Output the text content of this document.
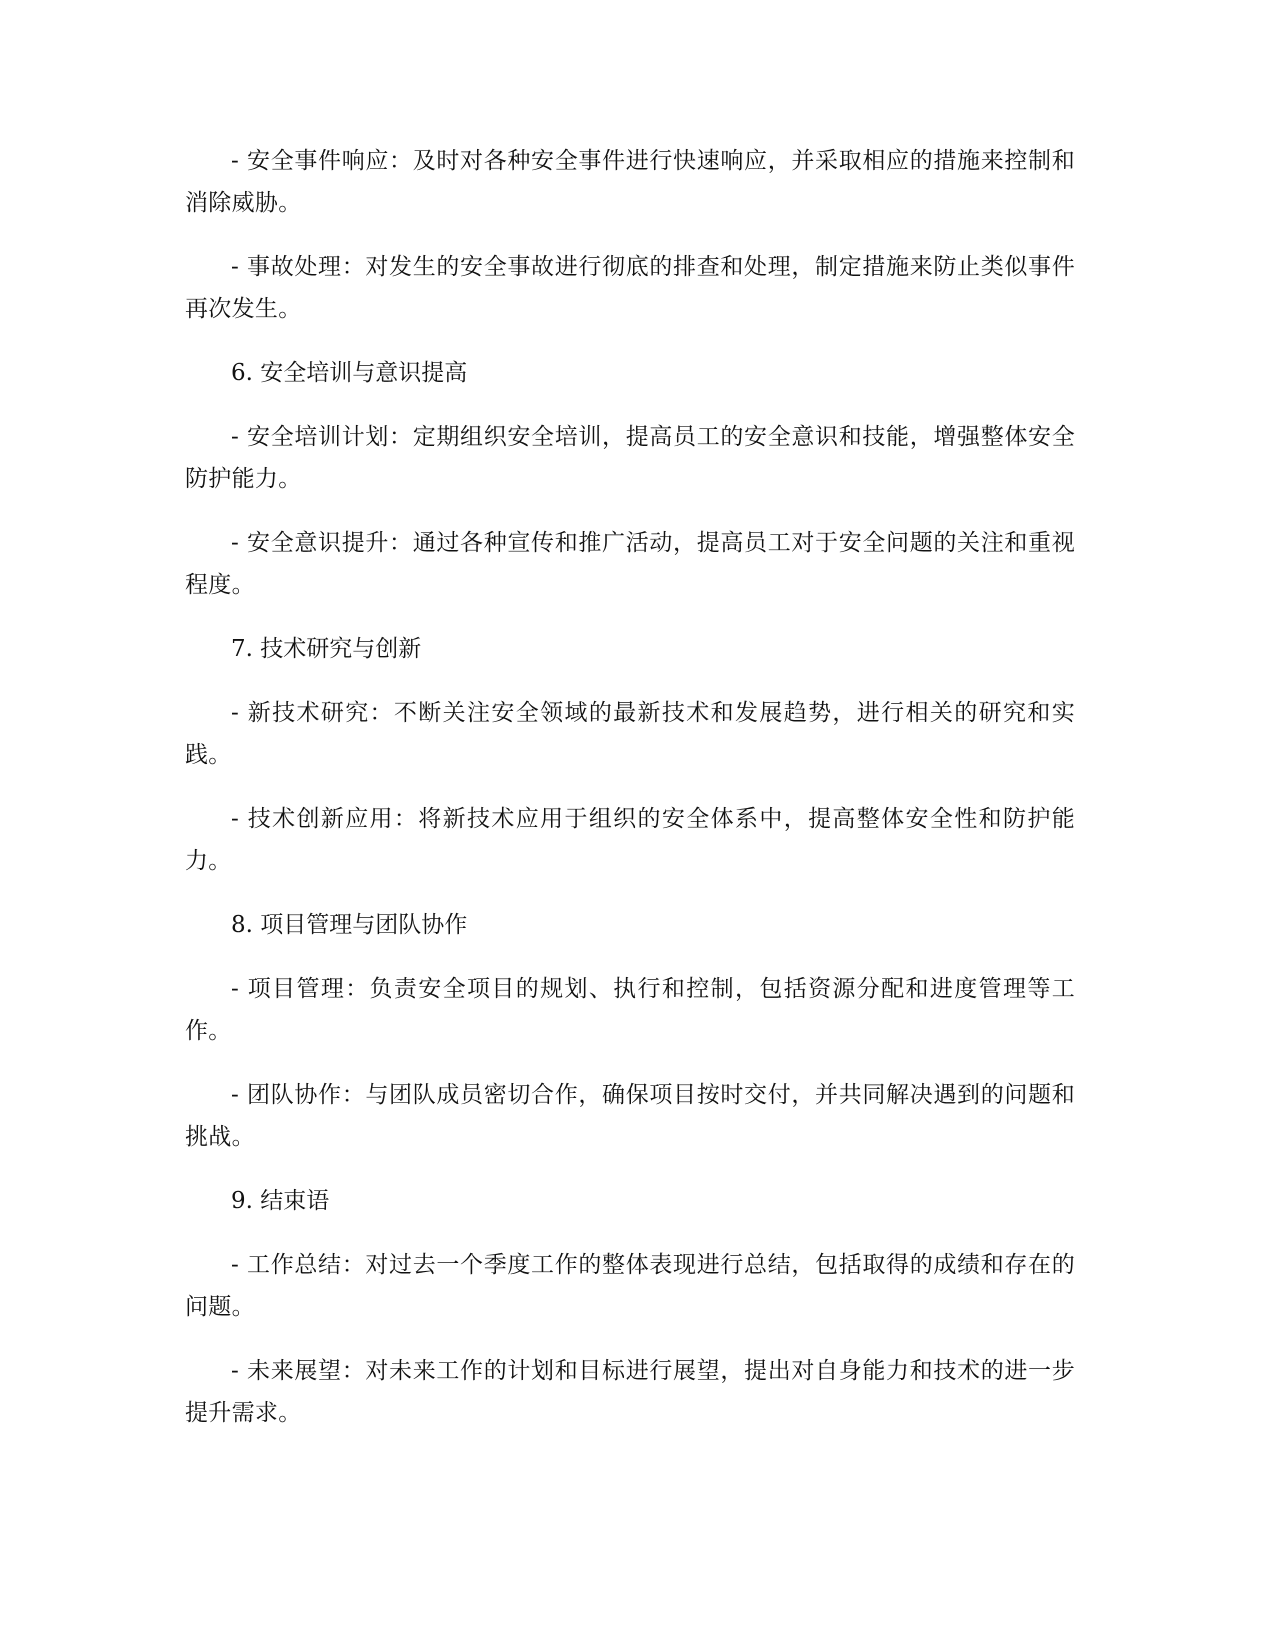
- 安全事件响应：及时对各种安全事件进行快速响应，并采取相应的措施来控制和消除威胁。

- 事故处理：对发生的安全事故进行彻底的排查和处理，制定措施来防止类似事件再次发生。

6. 安全培训与意识提高

- 安全培训计划：定期组织安全培训，提高员工的安全意识和技能，增强整体安全防护能力。

- 安全意识提升：通过各种宣传和推广活动，提高员工对于安全问题的关注和重视程度。

7. 技术研究与创新

- 新技术研究：不断关注安全领域的最新技术和发展趋势，进行相关的研究和实践。

- 技术创新应用：将新技术应用于组织的安全体系中，提高整体安全性和防护能力。

8. 项目管理与团队协作

- 项目管理：负责安全项目的规划、执行和控制，包括资源分配和进度管理等工作。

- 团队协作：与团队成员密切合作，确保项目按时交付，并共同解决遇到的问题和挑战。

9. 结束语

- 工作总结：对过去一个季度工作的整体表现进行总结，包括取得的成绩和存在的问题。

- 未来展望：对未来工作的计划和目标进行展望，提出对自身能力和技术的进一步提升需求。
